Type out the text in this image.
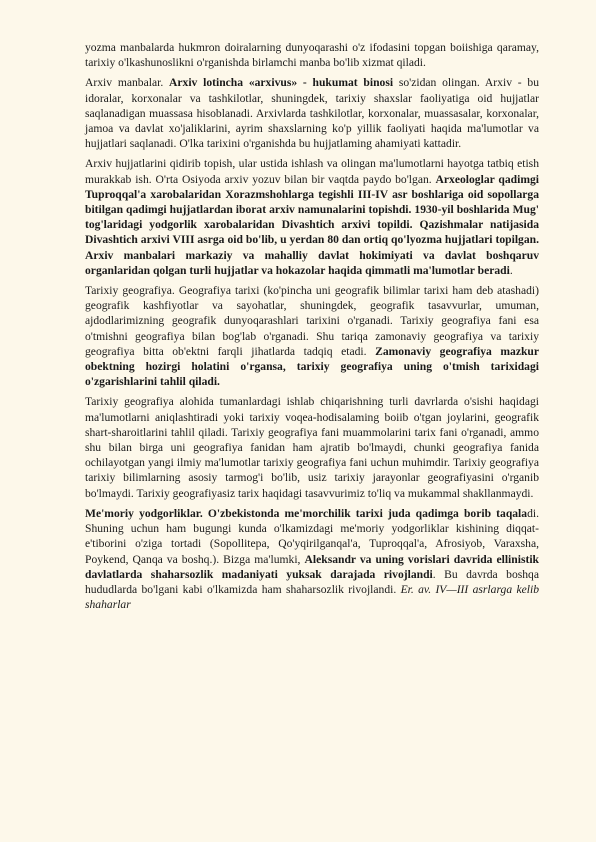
yozma manbalarda hukmron doiralarning dunyoqarashi o'z ifodasini topgan boiishiga qaramay, tarixiy o'lkashunoslikni o'rganishda birlamchi manba bo'lib xizmat qiladi.

Arxiv manbalar. Arxiv lotincha «arxivus» - hukumat binosi so'zidan olingan. Arxiv - bu idoralar, korxonalar va tashkilotlar, shuningdek, tarixiy shaxslar faoliyatiga oid hujjatlar saqlanadigan muassasa hisoblanadi. Arxivlarda tashkilotlar, korxonalar, muassasalar, korxonalar, jamoa va davlat xo'jaliklarini, ayrim shaxslarning ko'p yillik faoliyati haqida ma'lumotlar va hujjatlari saqlanadi. O'lka tarixini o'rganishda bu hujjatlaming ahamiyati kattadir.

Arxiv hujjatlarini qidirib topish, ular ustida ishlash va olingan ma'lumotlarni hayotga tatbiq etish murakkab ish. O'rta Osiyoda arxiv yozuv bilan bir vaqtda paydo bo'lgan. Arxeologlar qadimgi Tuproqqal'a xarobalaridan Xorazmshohlarga tegishli III-IV asr boshlariga oid sopollarga bitilgan qadimgi hujjatlardan iborat arxiv namunalarini topishdi. 1930-yil boshlarida Mug' tog'laridagi yodgorlik xarobalaridan Divashtich arxivi topildi. Qazishmalar natijasida Divashtich arxivi VIII asrga oid bo'lib, u yerdan 80 dan ortiq qo'lyozma hujjatlari topilgan. Arxiv manbalari markaziy va mahalliy davlat hokimiyati va davlat boshqaruv organlaridan qolgan turli hujjatlar va hokazolar haqida qimmatli ma'lumotlar beradi.

Tarixiy geografiya. Geografiya tarixi (ko'pincha uni geografik bilimlar tarixi ham deb atashadi) geografik kashfiyotlar va sayohatlar, shuningdek, geografik tasavvurlar, umuman, ajdodlarimizning geografik dunyoqarashlari tarixini o'rganadi. Tarixiy geografiya fani esa o'tmishni geografiya bilan bog'lab o'rganadi. Shu tariqa zamonaviy geografiya va tarixiy geografiya bitta ob'ektni farqli jihatlarda tadqiq etadi. Zamonaviy geografiya mazkur obektning hozirgi holatini o'rgansa, tarixiy geografiya uning o'tmish tarixidagi o'zgarishlarini tahlil qiladi.

Tarixiy geografiya alohida tumanlardagi ishlab chiqarishning turli davrlarda o'sishi haqidagi ma'lumotlarni aniqlashtiradi yoki tarixiy voqea-hodisalaming boiib o'tgan joylarini, geografik shart-sharoitlarini tahlil qiladi. Tarixiy geografiya fani muammolarini tarix fani o'rganadi, ammo shu bilan birga uni geografiya fanidan ham ajratib bo'lmaydi, chunki geografiya fanida ochilayotgan yangi ilmiy ma'lumotlar tarixiy geografiya fani uchun muhimdir. Tarixiy geografiya tarixiy bilimlarning asosiy tarmog'i bo'lib, usiz tarixiy jarayonlar geografiyasini o'rganib bo'lmaydi. Tarixiy geografiyasiz tarix haqidagi tasavvurimiz to'liq va mukammal shakllanmaydi.

Me'moriy yodgorliklar. O'zbekistonda me'morchilik tarixi juda qadimga borib taqaladi. Shuning uchun ham bugungi kunda o'lkamizdagi me'moriy yodgorliklar kishining diqqat-e'tiborini o'ziga tortadi (Sopollitepa, Qo'yqirilganqal'a, Tuproqqal'a, Afrosiyob, Varaxsha, Poykend, Qanqa va boshq.). Bizga ma'lumki, Aleksandr va uning vorislari davrida ellinistik davlatlarda shaharsozlik madaniyati yuksak darajada rivojlandi. Bu davrda boshqa hududlarda bo'lgani kabi o'lkamizda ham shaharsozlik rivojlandi. Er. av. IV—III asrlarga kelib shaharlar
